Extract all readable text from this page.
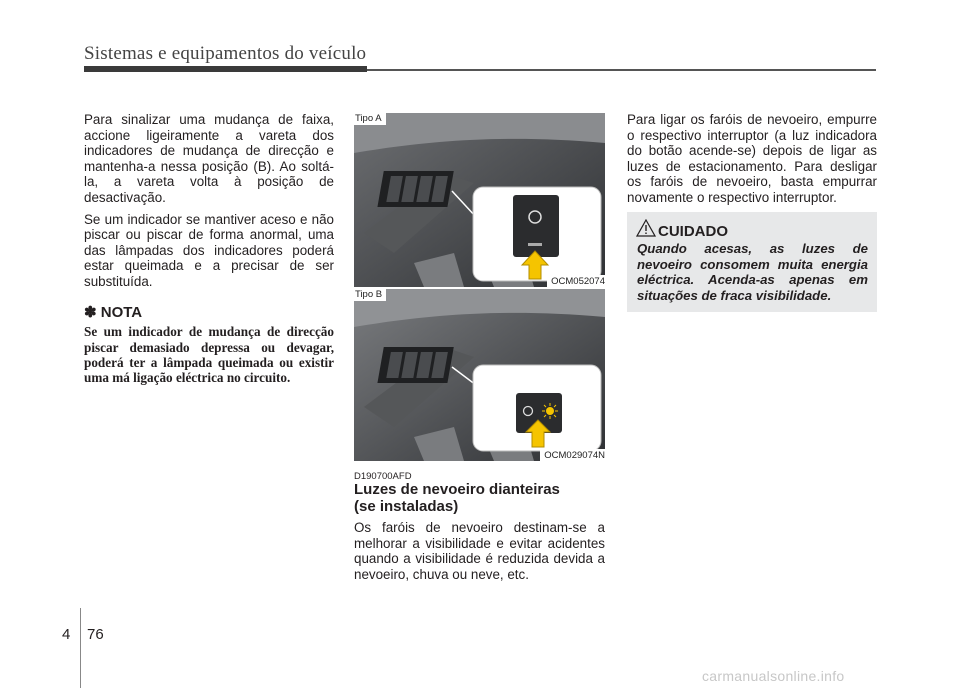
Sistemas e equipamentos do veículo

Para sinalizar uma mudança de faixa, accione ligeiramente a vareta dos indicadores de mudança de direcção e mantenha-a nessa posição (B). Ao soltá-la, a vareta volta à posição de desactivação.

Se um indicador se mantiver aceso e não piscar ou piscar de forma anormal, uma das lâmpadas dos indicadores poderá estar queimada e a precisar de ser substituída.

✽ NOTA

Se um indicador de mudança de direcção piscar demasiado depressa ou devagar, poderá ter a lâmpada queimada ou existir uma má ligação eléctrica no circuito.

Tipo A
OCM052074
Tipo B
OCM029074N
D190700AFD
Luzes de nevoeiro dianteiras
(se instaladas)
Os faróis de nevoeiro destinam-se a melhorar a visibilidade e evitar acidentes quando a visibilidade é reduzida devida a nevoeiro, chuva ou neve, etc.

Para ligar os faróis de nevoeiro, empurre o respectivo interruptor (a luz indicadora do botão acende-se) depois de ligar as luzes de estacionamento. Para desligar os faróis de nevoeiro, basta empurrar novamente o respectivo interruptor.

CUIDADO
Quando acesas, as luzes de nevoeiro consomem muita energia eléctrica. Acenda-as apenas em situações de fraca visibilidade.
4 76
carmanualsonline.info
